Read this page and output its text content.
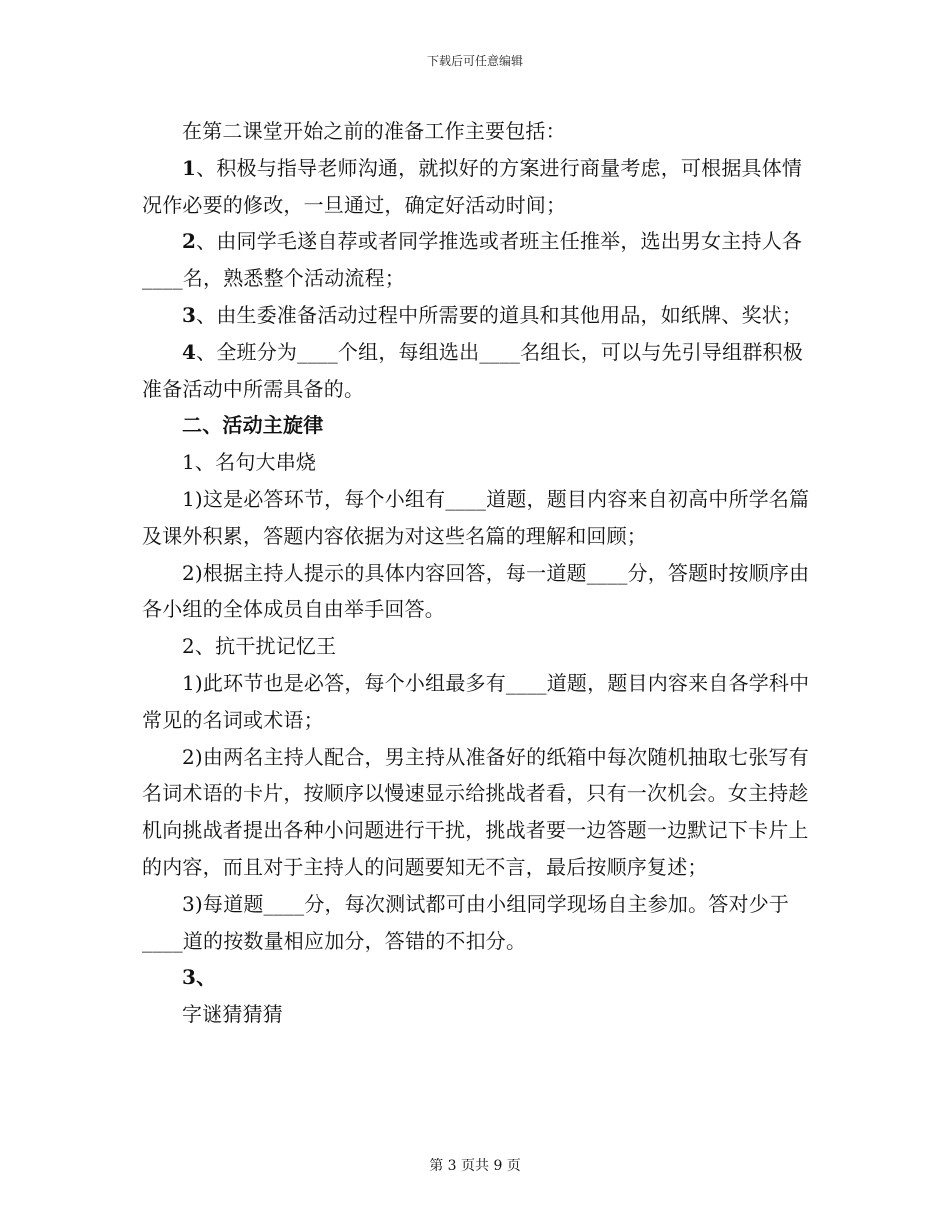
下载后可任意编辑

在第二课堂开始之前的准备工作主要包括：

1、积极与指导老师沟通，就拟好的方案进行商量考虑，可根据具体情况作必要的修改，一旦通过，确定好活动时间；

2、由同学毛遂自荐或者同学推选或者班主任推举，选出男女主持人各____名，熟悉整个活动流程；

3、由生委准备活动过程中所需要的道具和其他用品，如纸牌、奖状；

4、全班分为____个组，每组选出____名组长，可以与先引导组群积极准备活动中所需具备的。

二、活动主旋律

1、名句大串烧

1)这是必答环节，每个小组有____道题，题目内容来自初高中所学名篇及课外积累，答题内容依据为对这些名篇的理解和回顾；

2)根据主持人提示的具体内容回答，每一道题____分，答题时按顺序由各小组的全体成员自由举手回答。

2、抗干扰记忆王

1)此环节也是必答，每个小组最多有____道题，题目内容来自各学科中常见的名词或术语；

2)由两名主持人配合，男主持从准备好的纸箱中每次随机抽取七张写有名词术语的卡片，按顺序以慢速显示给挑战者看，只有一次机会。女主持趁机向挑战者提出各种小问题进行干扰，挑战者要一边答题一边默记下卡片上的内容，而且对于主持人的问题要知无不言，最后按顺序复述；

3)每道题____分，每次测试都可由小组同学现场自主参加。答对少于____道的按数量相应加分，答错的不扣分。

3、

字谜猜猜猜

第 3 页共 9 页
